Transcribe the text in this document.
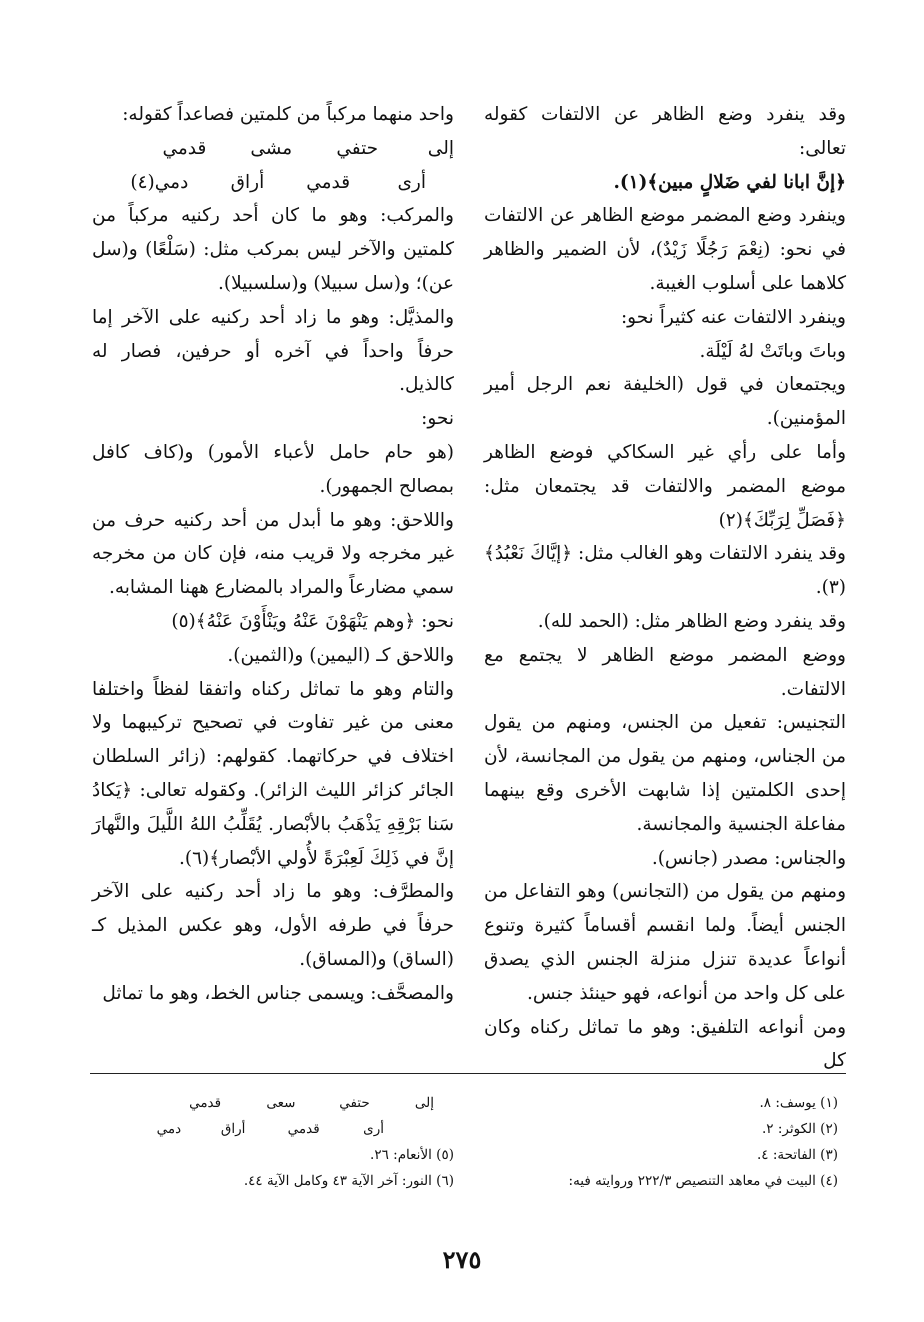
وقد ينفرد وضع الظاهر عن الالتفات كقوله تعالى:

﴿إنَّ ابانا لفي ضَلالٍ مبين﴾(١).

وينفرد وضع المضمر موضع الظاهر عن الالتفات في نحو: (نِعْمَ رَجُلًا زَيْدٌ)، لأن الضمير والظاهر كلاهما على أسلوب الغيبة.

وينفرد الالتفات عنه كثيراً نحو:

وباتَ وباتَتْ لهُ لَيْلَة.

ويجتمعان في قول (الخليفة نعم الرجل أمير المؤمنين).

وأما على رأي غير السكاكي فوضع الظاهر موضع المضمر والالتفات قد يجتمعان مثل: ﴿فَصَلِّ لِرَبِّكَ﴾(٢)

وقد ينفرد الالتفات وهو الغالب مثل: ﴿إيَّاكَ نَعْبُدُ﴾(٣).

وقد ينفرد وضع الظاهر مثل: (الحمد لله).

ووضع المضمر موضع الظاهر لا يجتمع مع الالتفات.

التجنيس: تفعيل من الجنس، ومنهم من يقول من الجناس، ومنهم من يقول من المجانسة، لأن إحدى الكلمتين إذا شابهت الأخرى وقع بينهما مفاعلة الجنسية والمجانسة.

والجناس: مصدر (جانس).

ومنهم من يقول من (التجانس) وهو التفاعل من الجنس أيضاً. ولما انقسم أقساماً كثيرة وتنوع أنواعاً عديدة تنزل منزلة الجنس الذي يصدق على كل واحد من أنواعه، فهو حينئذ جنس.

ومن أنواعه التلفيق: وهو ما تماثل ركناه وكان كل

واحد منهما مركباً من كلمتين فصاعداً كقوله:

إلى حتفي مشى قدمي
أرى قدمي أراق دمي(٤)

والمركب: وهو ما كان أحد ركنيه مركباً من كلمتين والآخر ليس بمركب مثل: (سَلْعًا) و(سل عن)؛ و(سل سبيلا) و(سلسبيلا).

والمذيَّل: وهو ما زاد أحد ركنيه على الآخر إما حرفاً واحداً في آخره أو حرفين، فصار له كالذيل.

نحو:

(هو حام حامل لأعباء الأمور) و(كاف كافل بمصالح الجمهور).

واللاحق: وهو ما أبدل من أحد ركنيه حرف من غير مخرجه ولا قريب منه، فإن كان من مخرجه سمي مضارعاً والمراد بالمضارع ههنا المشابه.

نحو: ﴿وهم يَنْهَوْنَ عَنْهُ ويَنْأَوْنَ عَنْهُ﴾(٥)

واللاحق كـ (اليمين) و(الثمين).

والتام وهو ما تماثل ركناه واتفقا لفظاً واختلفا معنى من غير تفاوت في تصحيح تركيبهما ولا اختلاف في حركاتهما. كقولهم: (زائر السلطان الجائر كزائر الليث الزائر). وكقوله تعالى: ﴿يَكادُ سَنا بَرْقِهِ يَذْهَبُ بالأبْصار. يُقَلِّبُ اللهُ اللَّيلَ والنَّهارَ إنَّ في ذَلِكَ لَعِبْرَةً لأُولي الأبْصار﴾(٦).

والمطرَّف: وهو ما زاد أحد ركنيه على الآخر حرفاً في طرفه الأول، وهو عكس المذيل كـ (الساق) و(المساق).

والمصحَّف: ويسمى جناس الخط، وهو ما تماثل

(١) يوسف: ٨.
(٢) الكوثر: ٢.
(٣) الفاتحة: ٤.
(٤) البيت في معاهد التنصيص ٢٢٢/٣ وروايته فيه:
إلى حتفي سعى قدمي
أرى قدمي أراق دمي
(٥) الأنعام: ٢٦.
(٦) النور: آخر الآية ٤٣ وكامل الآية ٤٤.
٢٧٥
